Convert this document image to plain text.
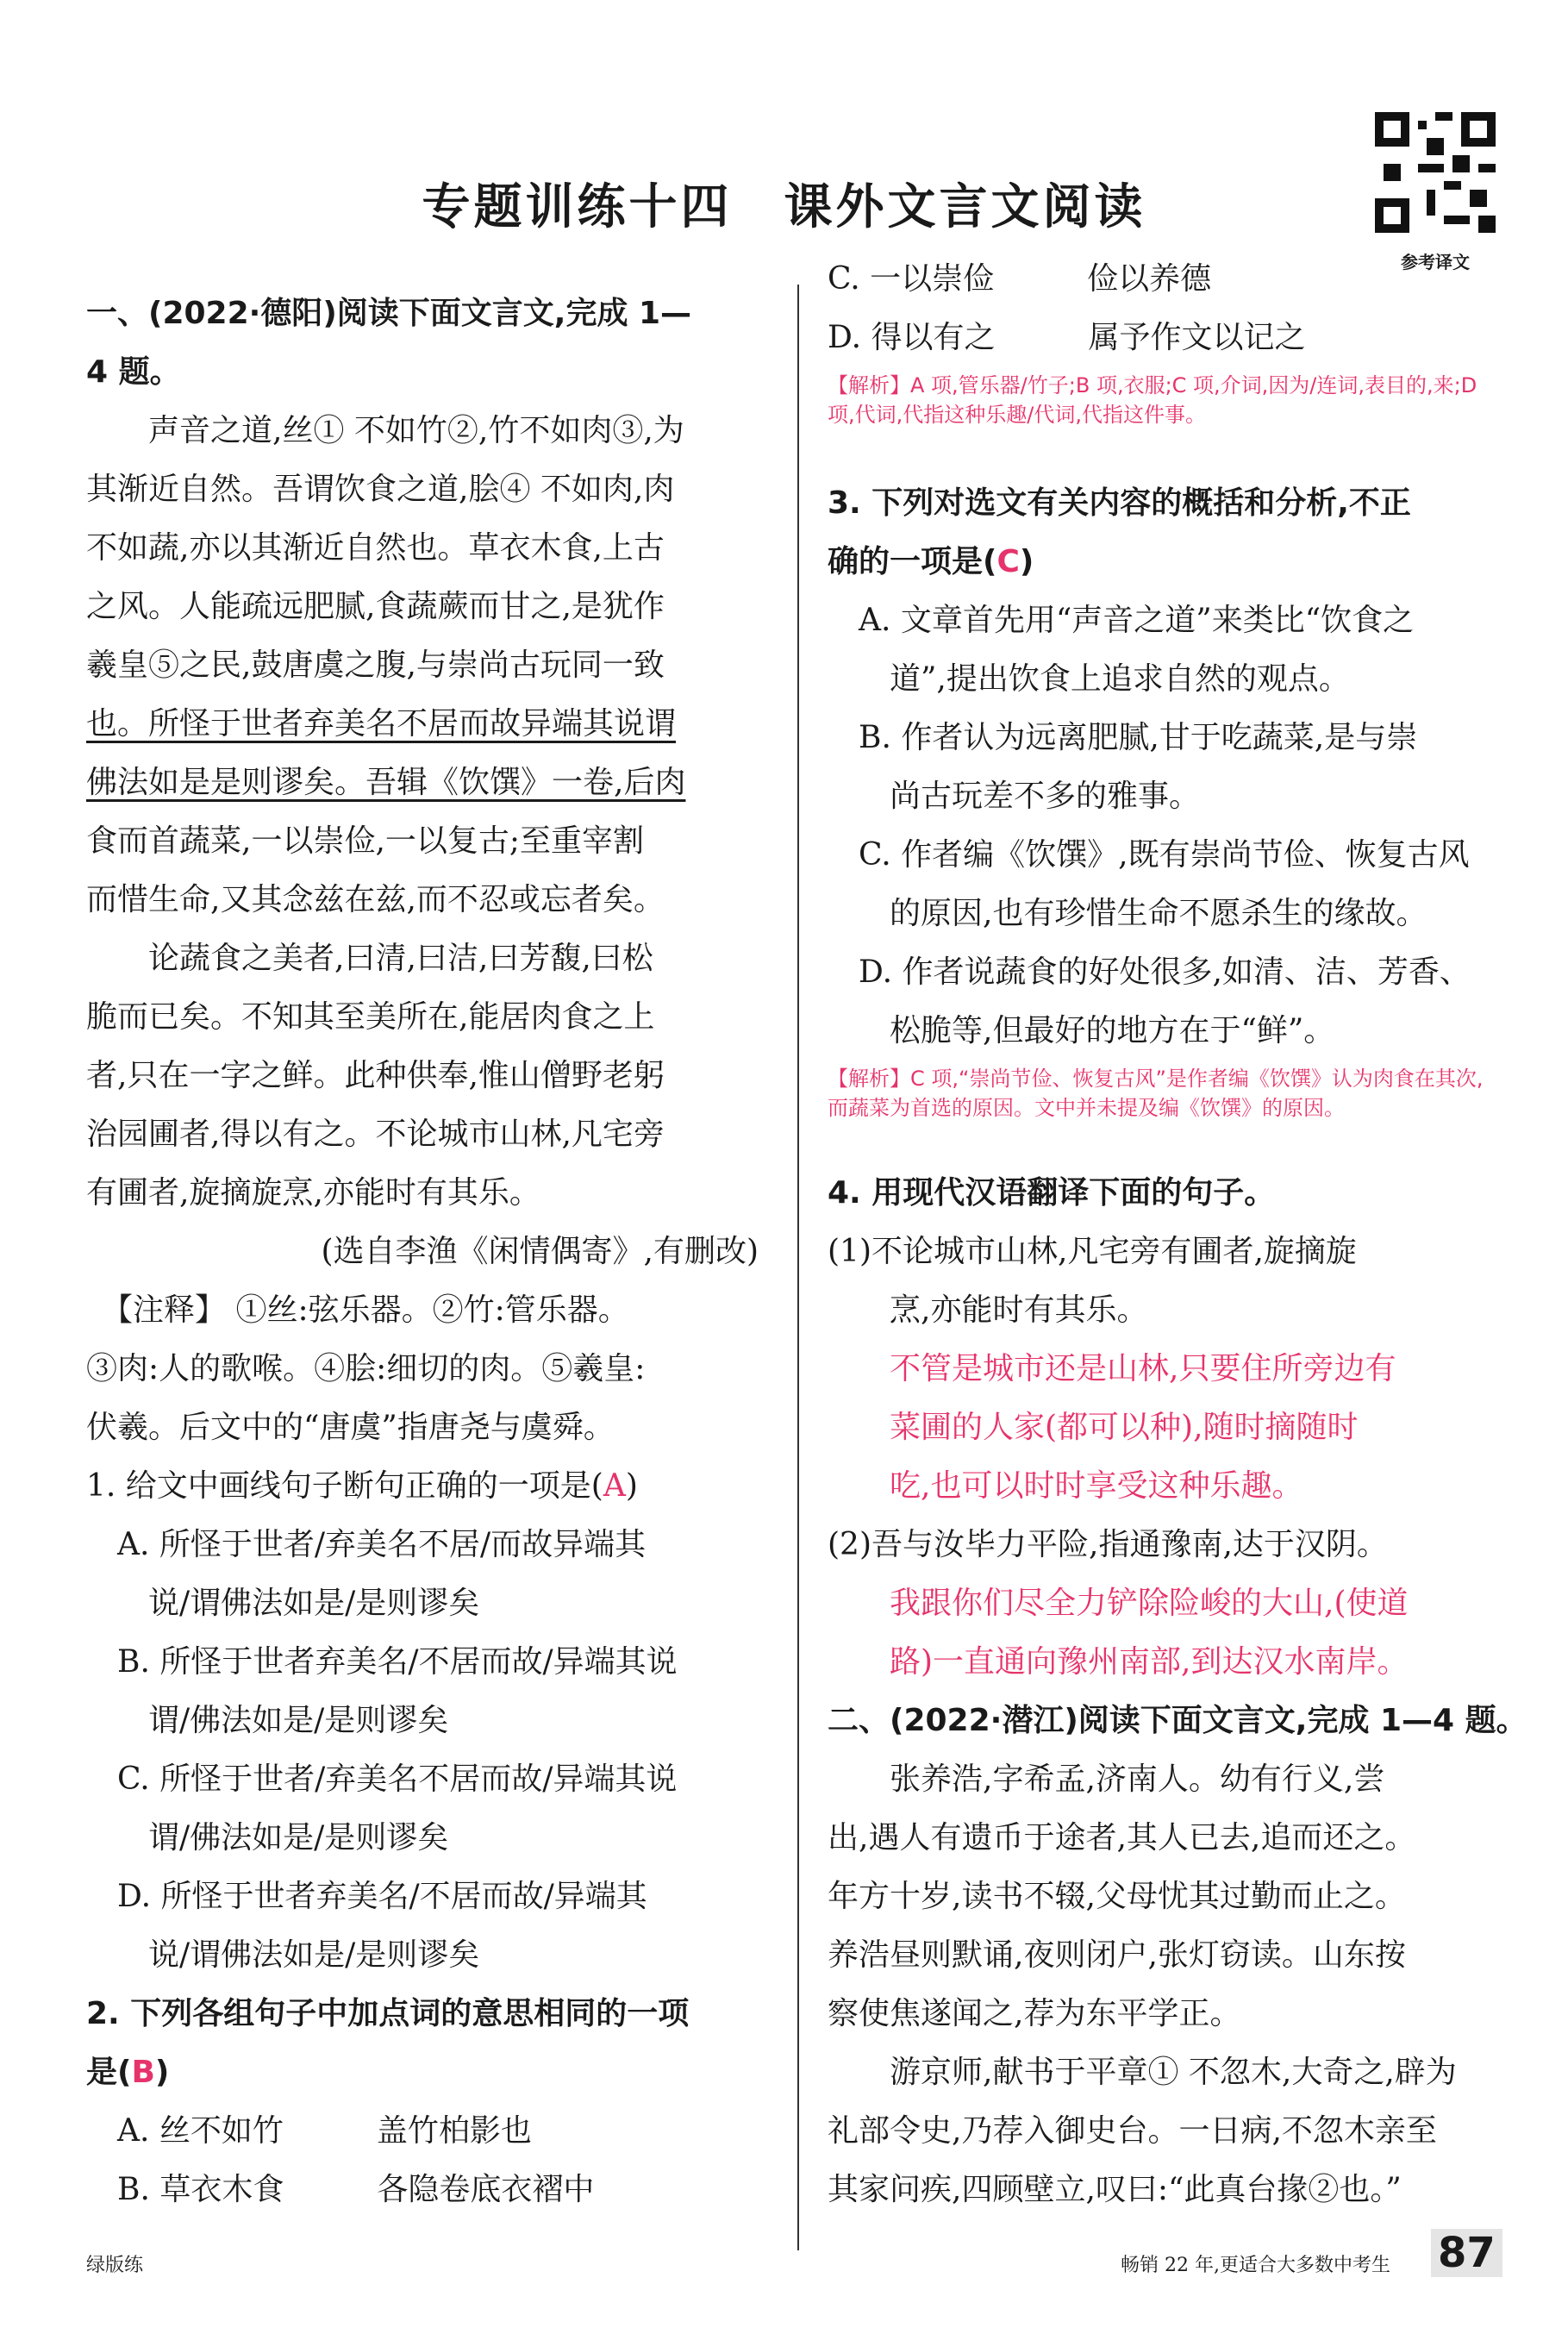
专题训练十四　课外文言文阅读
参考译文
一、(2022·德阳)阅读下面文言文,完成 1—
4 题。
　　声音之道,丝① 不如竹②,竹不如肉③,为
其渐近自然。吾谓饮食之道,脍④ 不如肉,肉
不如蔬,亦以其渐近自然也。草衣木食,上古
之风。人能疏远肥腻,食蔬蕨而甘之,是犹作
羲皇⑤之民,鼓唐虞之腹,与崇尚古玩同一致
也。所怪于世者弃美名不居而故异端其说谓
佛法如是是则谬矣。吾辑《饮馔》一卷,后肉
食而首蔬菜,一以崇俭,一以复古;至重宰割
而惜生命,又其念兹在兹,而不忍或忘者矣。
　　论蔬食之美者,曰清,曰洁,曰芳馥,曰松
脆而已矣。不知其至美所在,能居肉食之上
者,只在一字之鲜。此种供奉,惟山僧野老躬
治园圃者,得以有之。不论城市山林,凡宅旁
有圃者,旋摘旋烹,亦能时有其乐。
(选自李渔《闲情偶寄》,有删改)
　【注释】 ①丝:弦乐器。②竹:管乐器。
③肉:人的歌喉。④脍:细切的肉。⑤羲皇:
伏羲。后文中的“唐虞”指唐尧与虞舜。
1. 给文中画线句子断句正确的一项是(A)
　A. 所怪于世者/弃美名不居/而故异端其
　　说/谓佛法如是/是则谬矣
　B. 所怪于世者弃美名/不居而故/异端其说
　　谓/佛法如是/是则谬矣
　C. 所怪于世者/弃美名不居而故/异端其说
　　谓/佛法如是/是则谬矣
　D. 所怪于世者弃美名/不居而故/异端其
　　说/谓佛法如是/是则谬矣
2. 下列各组句子中加点词的意思相同的一项
是(B)
　A. 丝不如竹　　　盖竹柏影也
　B. 草衣木食　　　各隐卷底衣褶中
C. 一以崇俭　　　俭以养德
D. 得以有之　　　属予作文以记之
【解析】A 项,管乐器/竹子;B 项,衣服;C 项,介词,因为/连词,表目的,来;D 项,代词,代指这种乐趣/代词,代指这件事。
3. 下列对选文有关内容的概括和分析,不正
确的一项是(C)
　A. 文章首先用“声音之道”来类比“饮食之
　　道”,提出饮食上追求自然的观点。
　B. 作者认为远离肥腻,甘于吃蔬菜,是与崇
　　尚古玩差不多的雅事。
　C. 作者编《饮馔》,既有崇尚节俭、恢复古风
　　的原因,也有珍惜生命不愿杀生的缘故。
　D. 作者说蔬食的好处很多,如清、洁、芳香、
　　松脆等,但最好的地方在于“鲜”。
【解析】C 项,“崇尚节俭、恢复古风”是作者编《饮馔》认为肉食在其次,而蔬菜为首选的原因。文中并未提及编《饮馔》的原因。
4. 用现代汉语翻译下面的句子。
(1)不论城市山林,凡宅旁有圃者,旋摘旋
　　烹,亦能时有其乐。
　　不管是城市还是山林,只要住所旁边有
　　菜圃的人家(都可以种),随时摘随时
　　吃,也可以时时享受这种乐趣。
(2)吾与汝毕力平险,指通豫南,达于汉阴。
　　我跟你们尽全力铲除险峻的大山,(使道
　　路)一直通向豫州南部,到达汉水南岸。
二、(2022·潜江)阅读下面文言文,完成 1—4 题。
　　张养浩,字希孟,济南人。幼有行义,尝
出,遇人有遗币于途者,其人已去,追而还之。
年方十岁,读书不辍,父母忧其过勤而止之。
养浩昼则默诵,夜则闭户,张灯窃读。山东按
察使焦遂闻之,荐为东平学正。
　　游京师,献书于平章① 不忽木,大奇之,辟为
礼部令史,乃荐入御史台。一日病,不忽木亲至
其家问疾,四顾壁立,叹曰:“此真台掾②也。”
绿版练	畅销 22 年,更适合大多数中考生 87
